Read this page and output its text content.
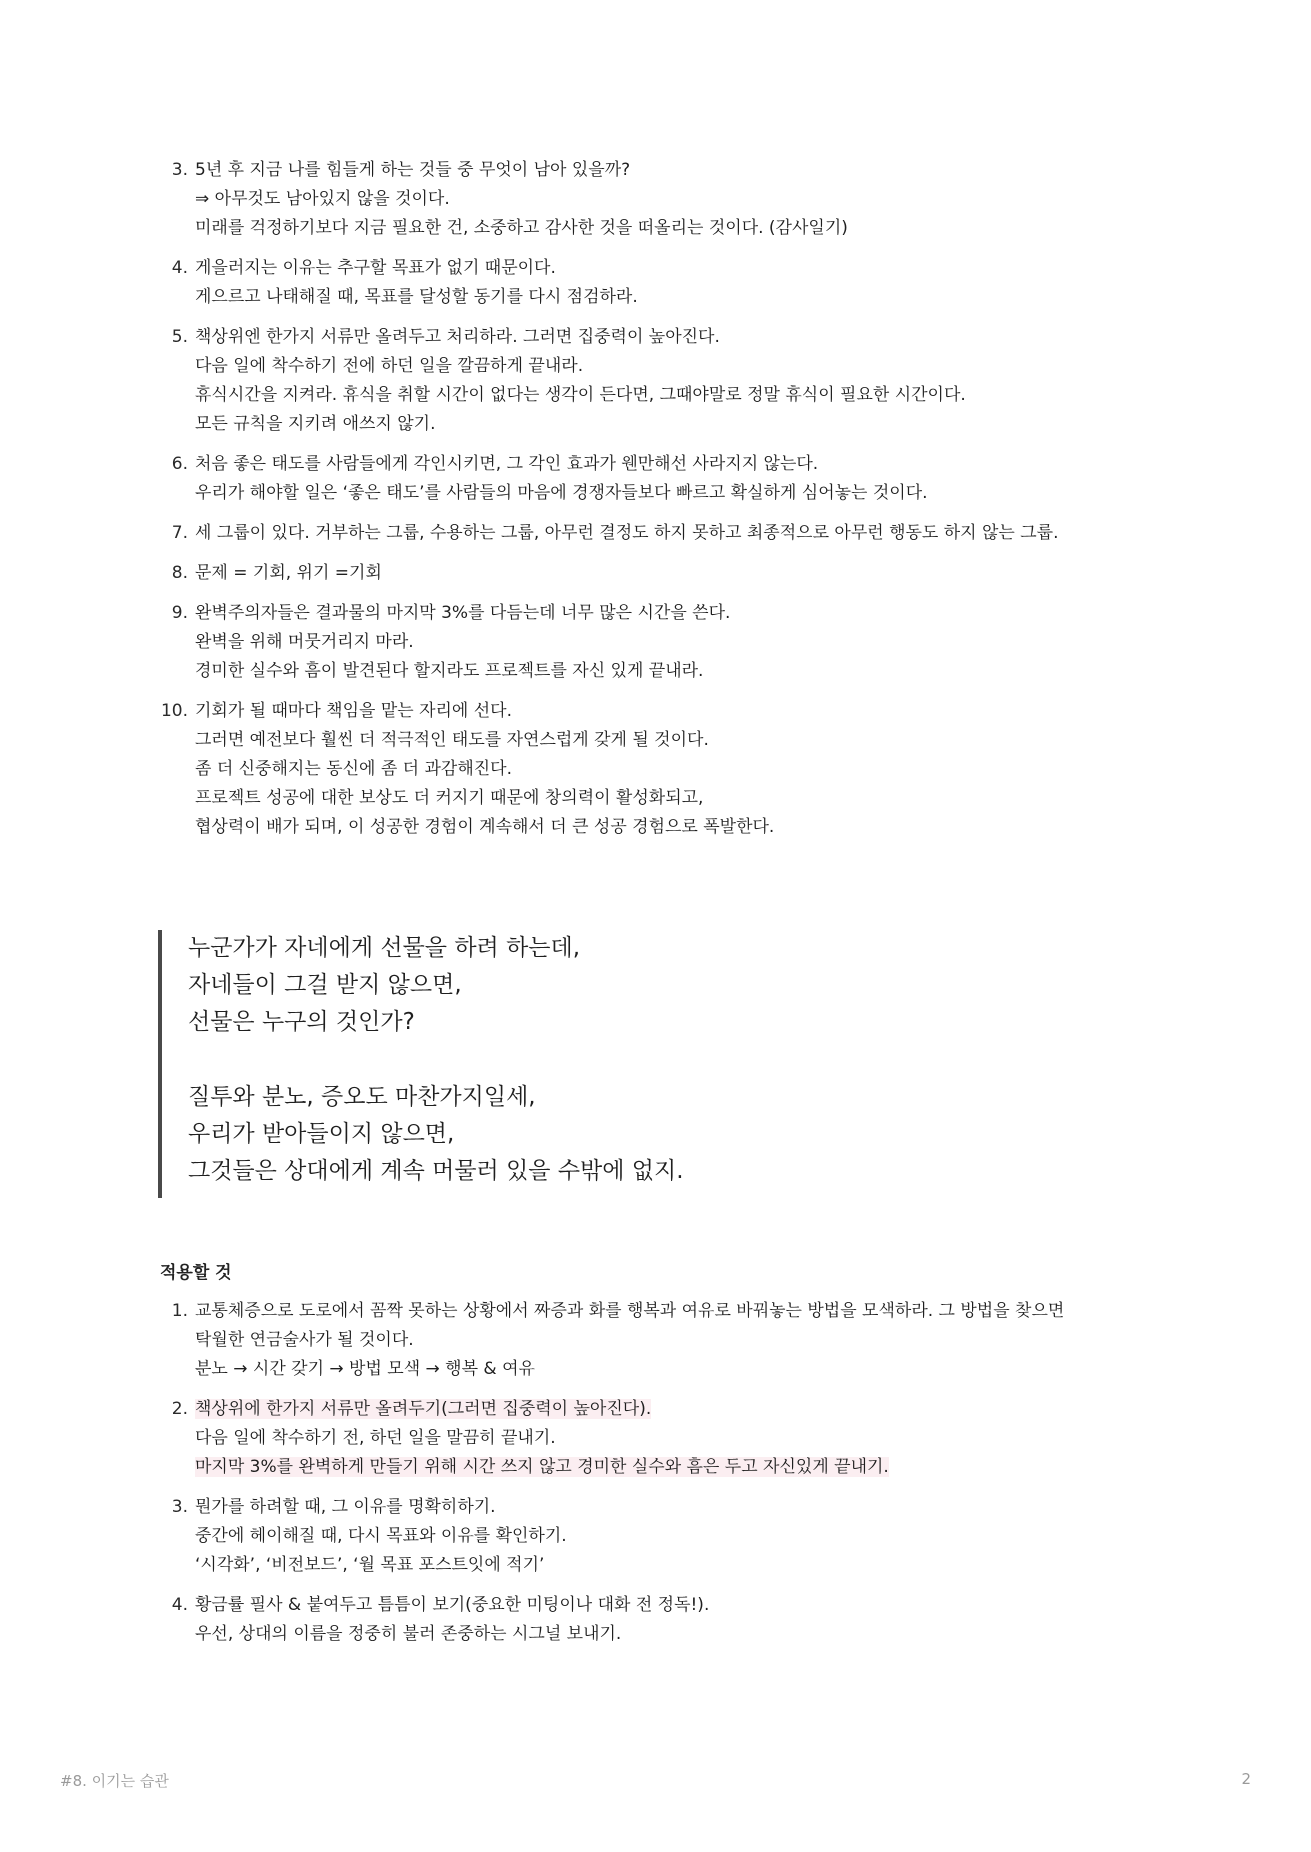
3. 5년 후 지금 나를 힘들게 하는 것들 중 무엇이 남아 있을까?
⇒ 아무것도 남아있지 않을 것이다.
미래를 걱정하기보다 지금 필요한 건, 소중하고 감사한 것을 떠올리는 것이다. (감사일기)
4. 게을러지는 이유는 추구할 목표가 없기 때문이다.
게으르고 나태해질 때, 목표를 달성할 동기를 다시 점검하라.
5. 책상위엔 한가지 서류만 올려두고 처리하라. 그러면 집중력이 높아진다.
다음 일에 착수하기 전에 하던 일을 깔끔하게 끝내라.
휴식시간을 지켜라. 휴식을 취할 시간이 없다는 생각이 든다면, 그때야말로 정말 휴식이 필요한 시간이다.
모든 규칙을 지키려 애쓰지 않기.
6. 처음 좋은 태도를 사람들에게 각인시키면, 그 각인 효과가 웬만해선 사라지지 않는다.
우리가 해야할 일은 ‘좋은 태도’를 사람들의 마음에 경쟁자들보다 빠르고 확실하게 심어놓는 것이다.
7. 세 그룹이 있다. 거부하는 그룹, 수용하는 그룹, 아무런 결정도 하지 못하고 최종적으로 아무런 행동도 하지 않는 그룹.
8. 문제 = 기회, 위기 =기회
9. 완벽주의자들은 결과물의 마지막 3%를 다듬는데 너무 많은 시간을 쓴다.
완벽을 위해 머뭇거리지 마라.
경미한 실수와 흠이 발견된다 할지라도 프로젝트를 자신 있게 끝내라.
10. 기회가 될 때마다 책임을 맡는 자리에 선다.
그러면 예전보다 훨씬 더 적극적인 태도를 자연스럽게 갖게 될 것이다.
좀 더 신중해지는 동신에 좀 더 과감해진다.
프로젝트 성공에 대한 보상도 더 커지기 때문에 창의력이 활성화되고,
협상력이 배가 되며, 이 성공한 경험이 계속해서 더 큰 성공 경험으로 폭발한다.
누군가가 자네에게 선물을 하려 하는데,
자네들이 그걸 받지 않으면,
선물은 누구의 것인가?
질투와 분노, 증오도 마찬가지일세,
우리가 받아들이지 않으면,
그것들은 상대에게 계속 머물러 있을 수밖에 없지.
적용할 것
1. 교통체증으로 도로에서 꼼짝 못하는 상황에서 짜증과 화를 행복과 여유로 바꿔놓는 방법을 모색하라. 그 방법을 찾으면
탁월한 연금술사가 될 것이다.
분노 → 시간 갖기 → 방법 모색 → 행복 & 여유
2. 책상위에 한가지 서류만 올려두기(그러면 집중력이 높아진다).
다음 일에 착수하기 전, 하던 일을 말끔히 끝내기.
마지막 3%를 완벽하게 만들기 위해 시간 쓰지 않고 경미한 실수와 흠은 두고 자신있게 끝내기.
3. 뭔가를 하려할 때, 그 이유를 명확히하기.
중간에 헤이해질 때, 다시 목표와 이유를 확인하기.
‘시각화’, ‘비전보드’, ‘월 목표 포스트잇에 적기’
4. 황금률 필사 & 붙여두고 틈틈이 보기(중요한 미팅이나 대화 전 정독!).
우선, 상대의 이름을 정중히 불러 존중하는 시그널 보내기.
#8. 이기는 습관	2
